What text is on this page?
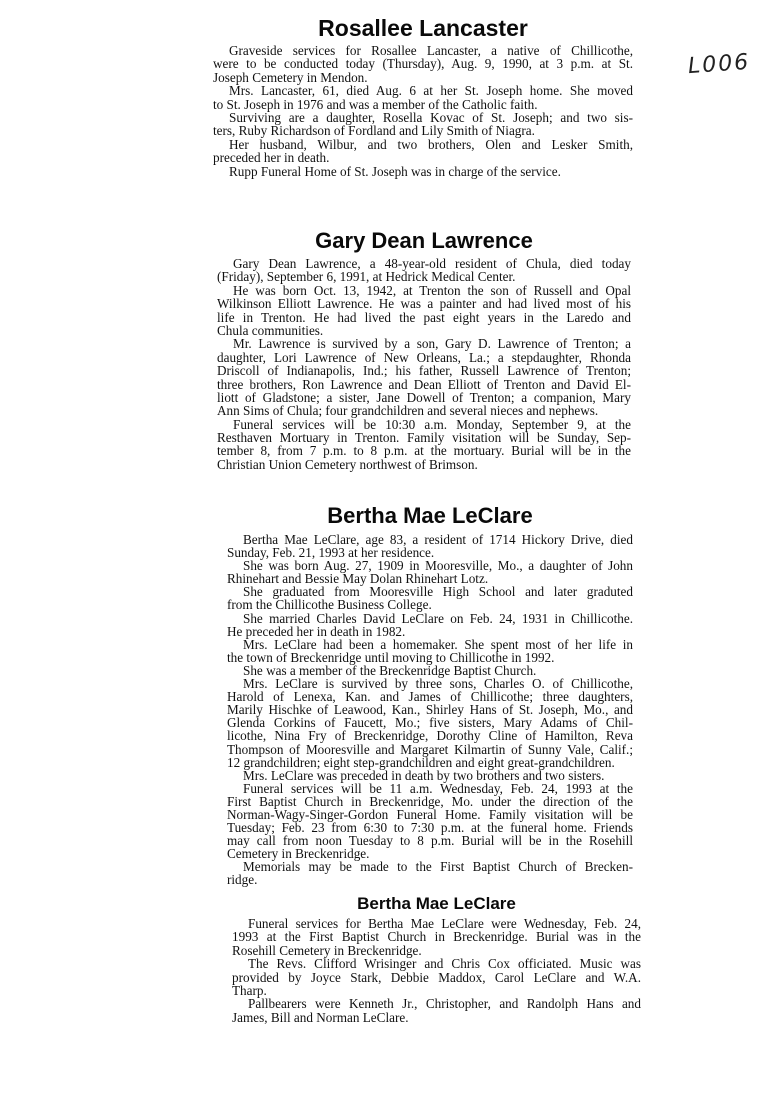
L006
Rosallee Lancaster
Graveside services for Rosallee Lancaster, a native of Chillicothe,
were to be conducted today (Thursday), Aug. 9, 1990, at 3 p.m. at St.
Joseph Cemetery in Mendon.
Mrs. Lancaster, 61, died Aug. 6 at her St. Joseph home. She moved
to St. Joseph in 1976 and was a member of the Catholic faith.
Surviving are a daughter, Rosella Kovac of St. Joseph; and two sis-
ters, Ruby Richardson of Fordland and Lily Smith of Niagra.
Her husband, Wilbur, and two brothers, Olen and Lesker Smith,
preceded her in death.
Rupp Funeral Home of St. Joseph was in charge of the service.
Gary Dean Lawrence
Gary Dean Lawrence, a 48-year-old resident of Chula, died today
(Friday), September 6, 1991, at Hedrick Medical Center.
He was born Oct. 13, 1942, at Trenton the son of Russell and Opal
Wilkinson Elliott Lawrence. He was a painter and had lived most of his
life in Trenton. He had lived the past eight years in the Laredo and
Chula communities.
Mr. Lawrence is survived by a son, Gary D. Lawrence of Trenton; a
daughter, Lori Lawrence of New Orleans, La.; a stepdaughter, Rhonda
Driscoll of Indianapolis, Ind.; his father, Russell Lawrence of Trenton;
three brothers, Ron Lawrence and Dean Elliott of Trenton and David El-
liott of Gladstone; a sister, Jane Dowell of Trenton; a companion, Mary
Ann Sims of Chula; four grandchildren and several nieces and nephews.
Funeral services will be 10:30 a.m. Monday, September 9, at the
Resthaven Mortuary in Trenton. Family visitation will be Sunday, Sep-
tember 8, from 7 p.m. to 8 p.m. at the mortuary. Burial will be in the
Christian Union Cemetery northwest of Brimson.
Bertha Mae LeClare
Bertha Mae LeClare, age 83, a resident of 1714 Hickory Drive, died
Sunday, Feb. 21, 1993 at her residence.
She was born Aug. 27, 1909 in Mooresville, Mo., a daughter of John
Rhinehart and Bessie May Dolan Rhinehart Lotz.
She graduated from Mooresville High School and later graduted
from the Chillicothe Business College.
She married Charles David LeClare on Feb. 24, 1931 in Chillicothe.
He preceded her in death in 1982.
Mrs. LeClare had been a homemaker. She spent most of her life in
the town of Breckenridge until moving to Chillicothe in 1992.
She was a member of the Breckenridge Baptist Church.
Mrs. LeClare is survived by three sons, Charles O. of Chillicothe,
Harold of Lenexa, Kan. and James of Chillicothe; three daughters,
Marily Hischke of Leawood, Kan., Shirley Hans of St. Joseph, Mo., and
Glenda Corkins of Faucett, Mo.; five sisters, Mary Adams of Chil-
licothe, Nina Fry of Breckenridge, Dorothy Cline of Hamilton, Reva
Thompson of Mooresville and Margaret Kilmartin of Sunny Vale, Calif.;
12 grandchildren; eight step-grandchildren and eight great-grandchildren.
Mrs. LeClare was preceded in death by two brothers and two sisters.
Funeral services will be 11 a.m. Wednesday, Feb. 24, 1993 at the
First Baptist Church in Breckenridge, Mo. under the direction of the
Norman-Wagy-Singer-Gordon Funeral Home. Family visitation will be
Tuesday; Feb. 23 from 6:30 to 7:30 p.m. at the funeral home. Friends
may call from noon Tuesday to 8 p.m. Burial will be in the Rosehill
Cemetery in Breckenridge.
Memorials may be made to the First Baptist Church of Brecken-
ridge.
Bertha Mae LeClare
Funeral services for Bertha Mae LeClare were Wednesday, Feb. 24,
1993 at the First Baptist Church in Breckenridge. Burial was in the
Rosehill Cemetery in Breckenridge.
The Revs. Clifford Wrisinger and Chris Cox officiated. Music was
provided by Joyce Stark, Debbie Maddox, Carol LeClare and W.A.
Tharp.
Pallbearers were Kenneth Jr., Christopher, and Randolph Hans and
James, Bill and Norman LeClare.
